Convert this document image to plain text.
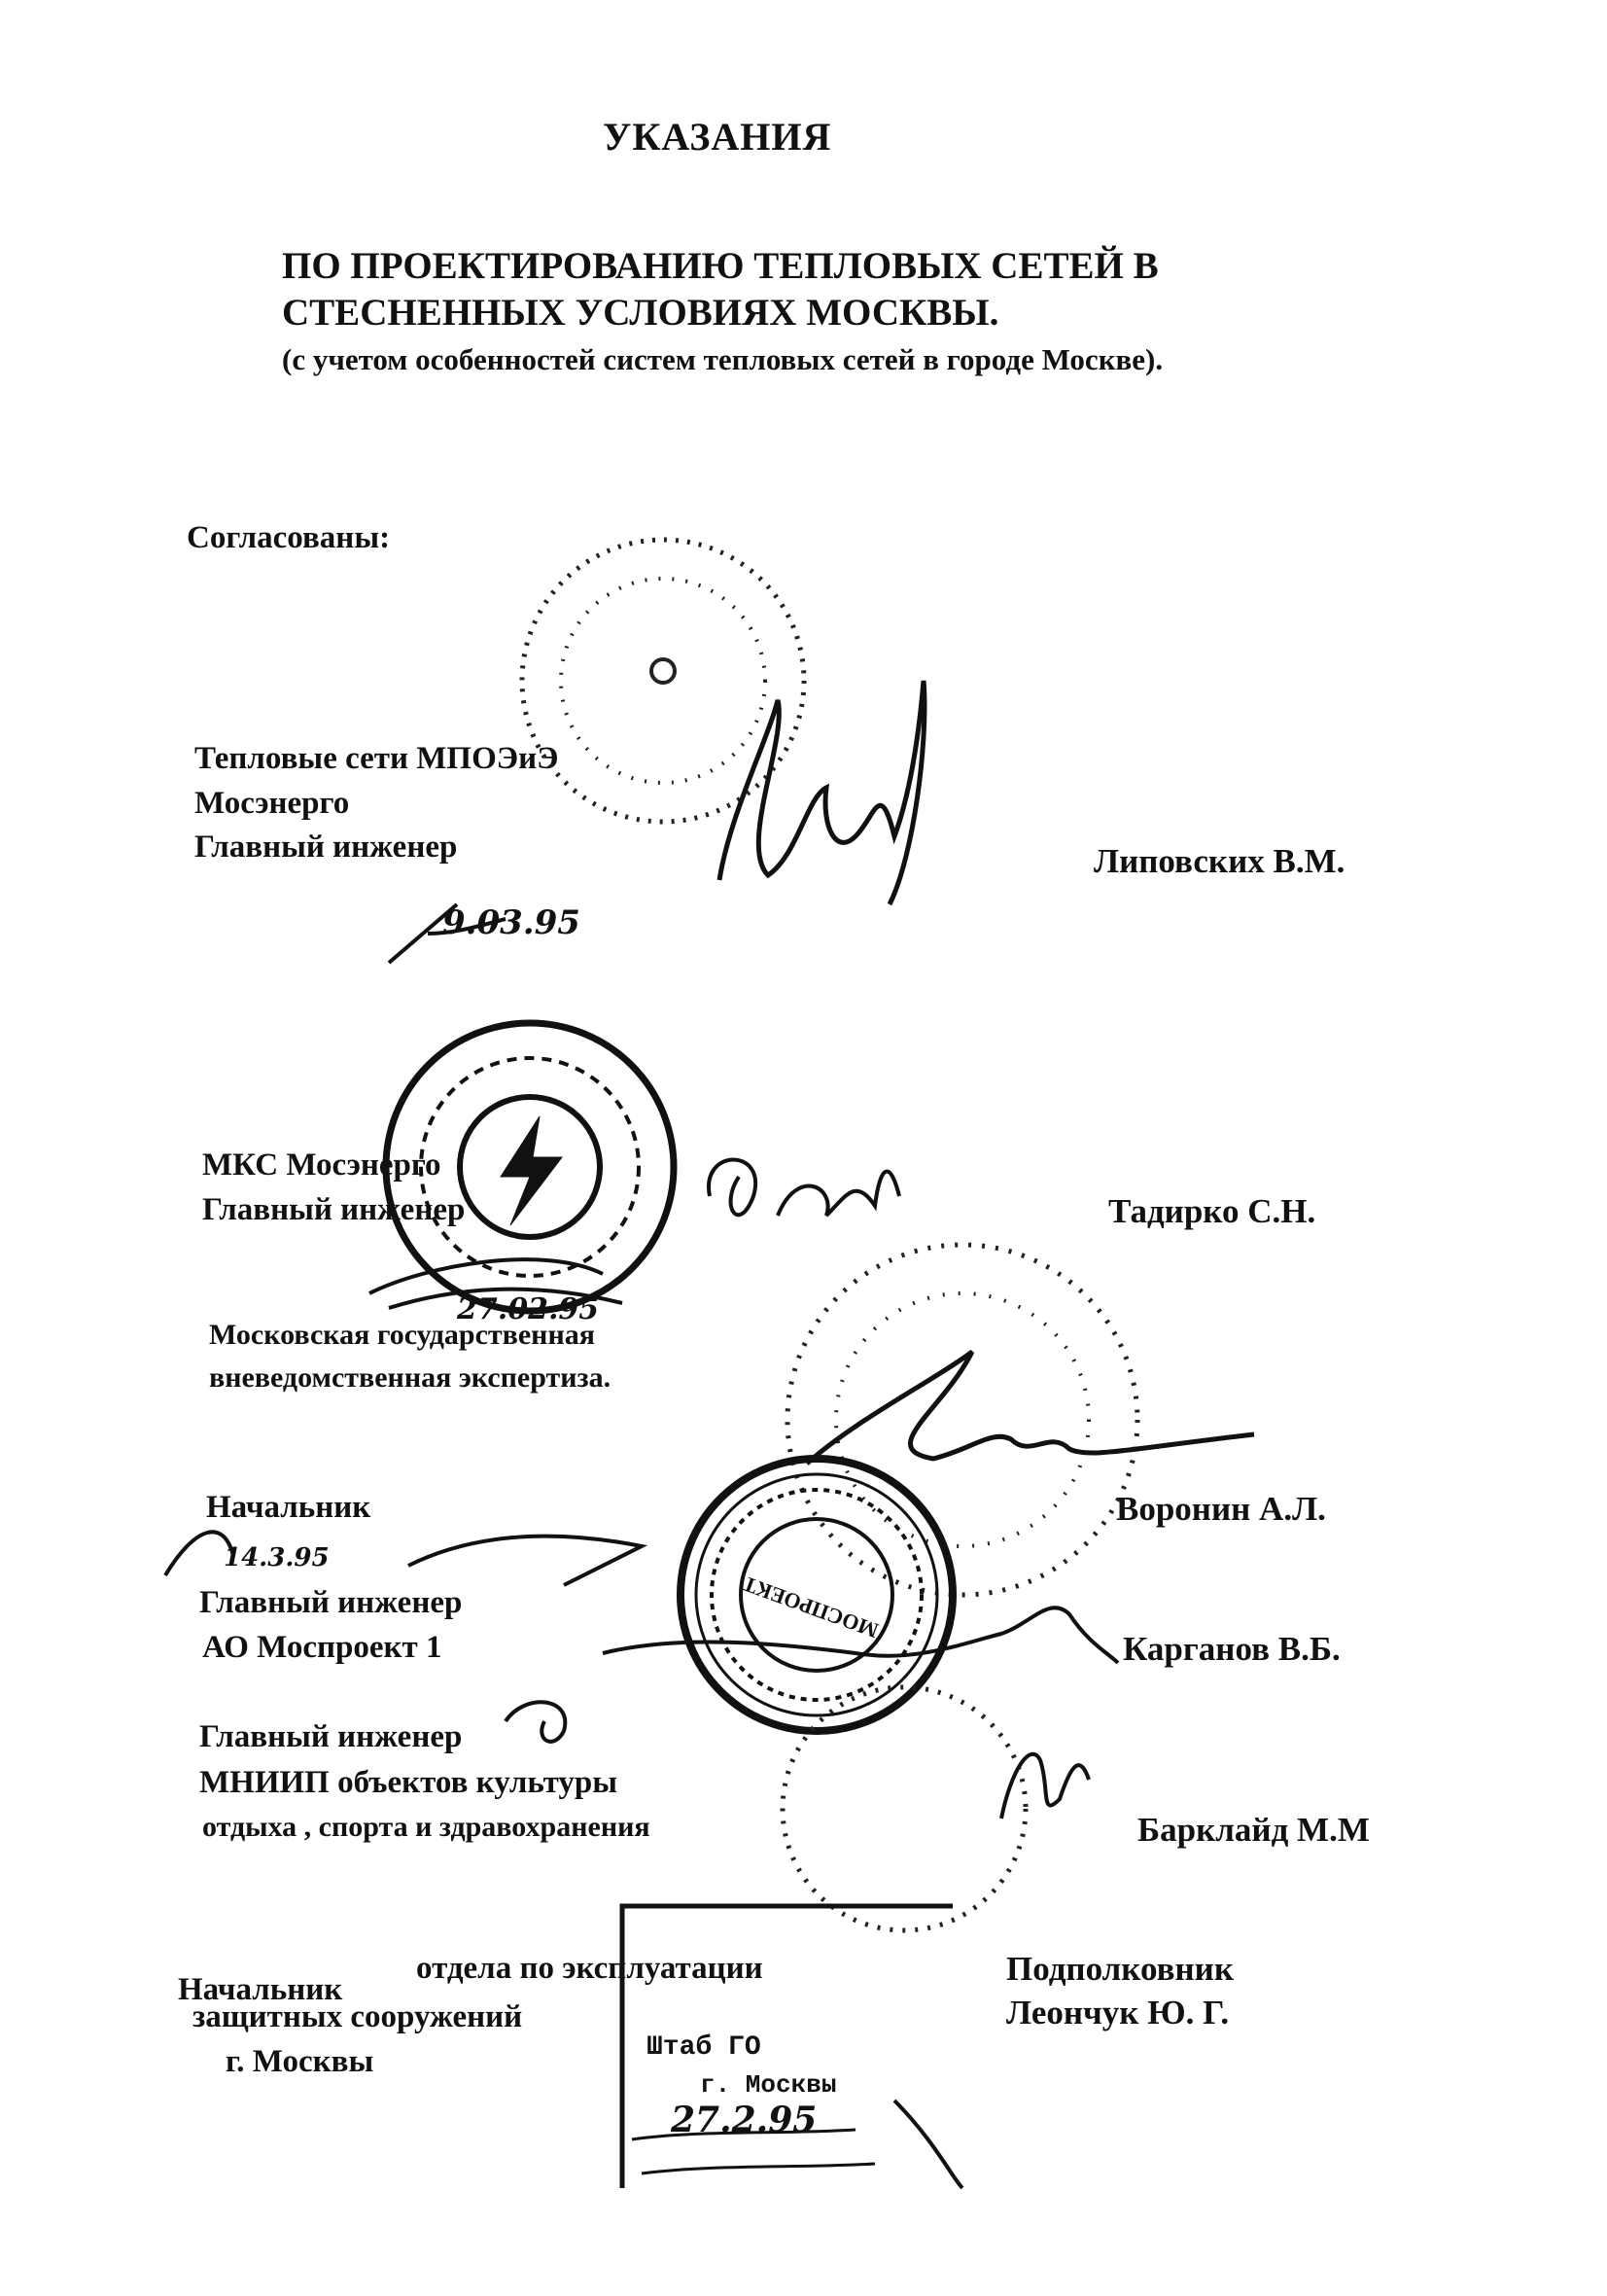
УКАЗАНИЯ
ПО ПРОЕКТИРОВАНИЮ ТЕПЛОВЫХ СЕТЕЙ В
СТЕСНЕННЫХ УСЛОВИЯХ МОСКВЫ.
(с учетом особенностей систем тепловых сетей в городе Москве).
Согласованы:
Тепловые сети МПОЭиЭ
Мосэнерго
Главный инженер	Липовских В.М.
9.03.95
МКС Мосэнерго
Главный инженер	Тадирко С.Н.
27.02.95
Московская государственная
вневедомственная экспертиза.
Начальник	Воронин А.Л.
14.3.95
Главный инженер
АО Моспроект 1	Карганов В.Б.
Главный инженер
МНИИП объектов культуры
отдыха , спорта и здравохранения	Барклайд М.М
Начальник
отдела по эксплуатации
защитных сооружений
г. Москвы
Подполковник
Леончук Ю. Г.
27.2.95
МОСПРОЕКТ
Штаб ГО
г. Москвы
